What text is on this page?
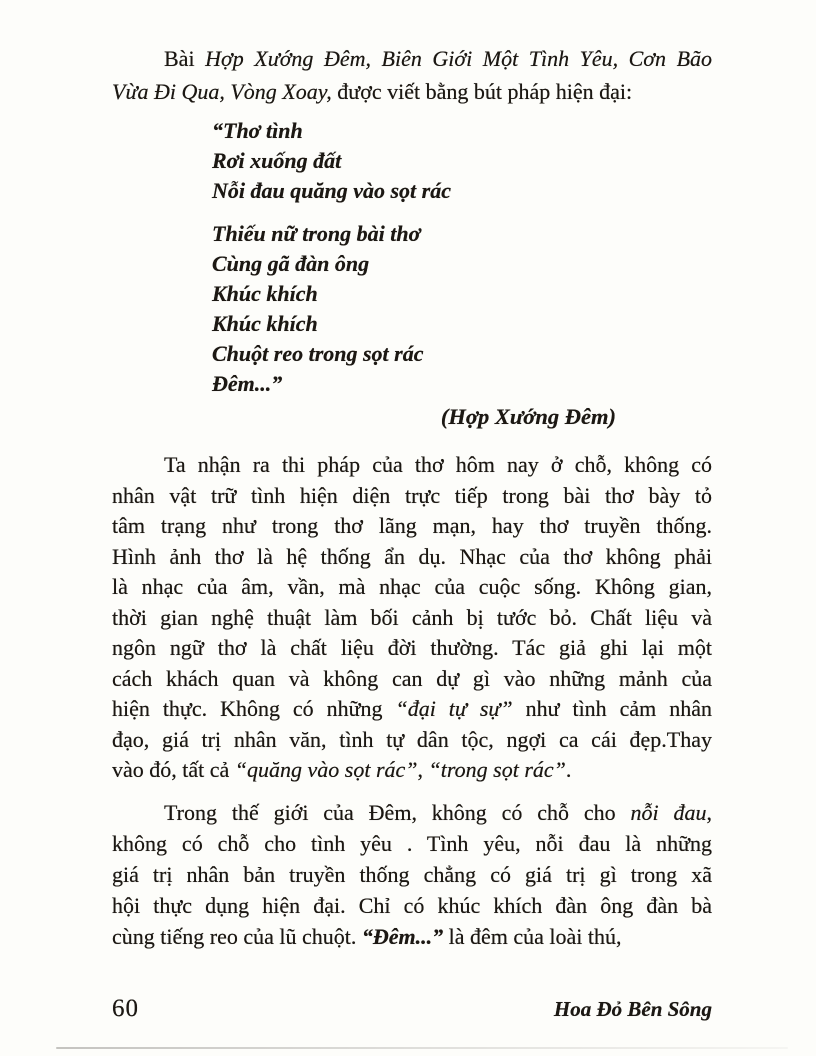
Bài Hợp Xướng Đêm, Biên Giới Một Tình Yêu, Cơn Bão
Vừa Đi Qua, Vòng Xoay, được viết bằng bút pháp hiện đại:
“Thơ tình
Rơi xuống đất
Nỗi đau quăng vào sọt rác
Thiếu nữ trong bài thơ
Cùng gã đàn ông
Khúc khích
Khúc khích
Chuột reo trong sọt rác
Đêm...”
(Hợp Xướng Đêm)
Ta nhận ra thi pháp của thơ hôm nay ở chỗ, không có
nhân vật trữ tình hiện diện trực tiếp trong bài thơ bày tỏ
tâm trạng như trong thơ lãng mạn, hay thơ truyền thống.
Hình ảnh thơ là hệ thống ẩn dụ. Nhạc của thơ không phải
là nhạc của âm, vần, mà nhạc của cuộc sống. Không gian,
thời gian nghệ thuật làm bối cảnh bị tước bỏ. Chất liệu và
ngôn ngữ thơ là chất liệu đời thường. Tác giả ghi lại một
cách khách quan và không can dự gì vào những mảnh của
hiện thực. Không có những “đại tự sự” như tình cảm nhân
đạo, giá trị nhân văn, tình tự dân tộc, ngợi ca cái đẹp.Thay
vào đó, tất cả “quăng vào sọt rác”, “trong sọt rác”.
Trong thế giới của Đêm, không có chỗ cho nỗi đau,
không có chỗ cho tình yêu . Tình yêu, nỗi đau là những
giá trị nhân bản truyền thống chẳng có giá trị gì trong xã
hội thực dụng hiện đại. Chỉ có khúc khích đàn ông đàn bà
cùng tiếng reo của lũ chuột. “Đêm...” là đêm của loài thú,
60	Hoa Đỏ Bên Sông
